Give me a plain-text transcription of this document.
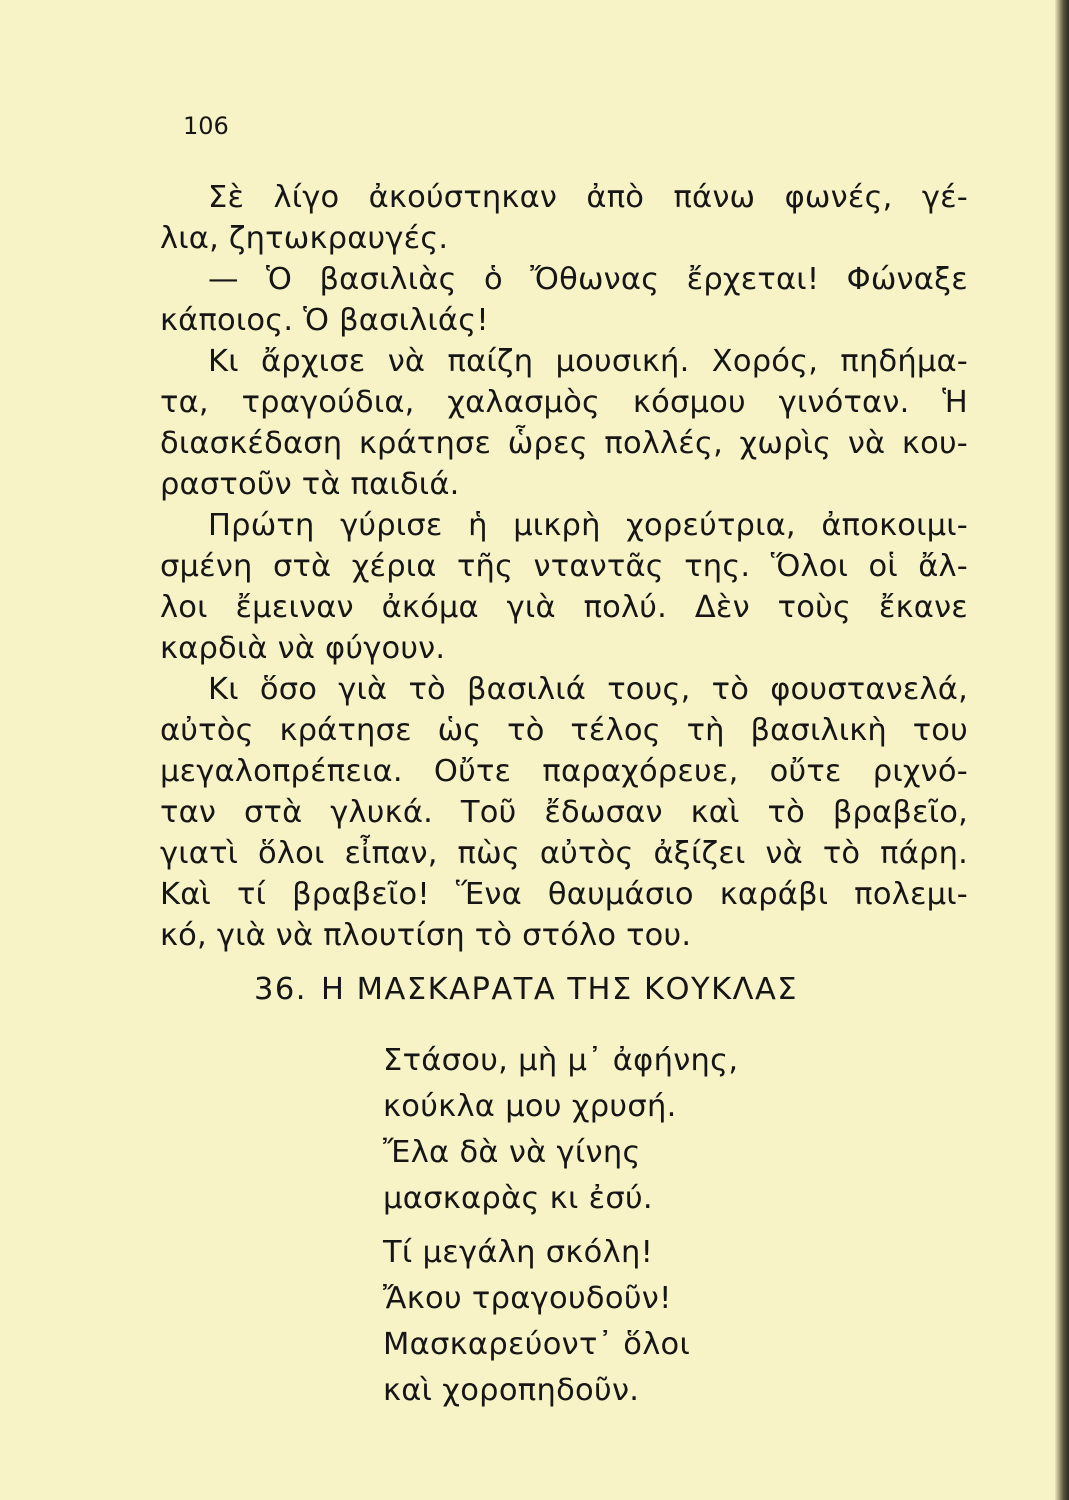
106
Σὲ λίγο ἀκούστηκαν ἀπὸ πάνω φωνές, γέ-
λια, ζητωκραυγές.
— Ὁ βασιλιὰς ὁ Ὄθωνας ἔρχεται! Φώναξε
κάποιος. Ὁ βασιλιάς!
Κι ἄρχισε νὰ παίζη μουσική. Χορός, πηδήμα-
τα, τραγούδια, χαλασμὸς κόσμου γινόταν. Ἡ
διασκέδαση κράτησε ὧρες πολλές, χωρὶς νὰ κου-
ραστοῦν τὰ παιδιά.
Πρώτη γύρισε ἡ μικρὴ χορεύτρια, ἀποκοιμι-
σμένη στὰ χέρια τῆς νταντᾶς της. Ὅλοι οἱ ἄλ-
λοι ἔμειναν ἀκόμα γιὰ πολύ. Δὲν τοὺς ἔκανε
καρδιὰ νὰ φύγουν.
Κι ὅσο γιὰ τὸ βασιλιά τους, τὸ φουστανελά,
αὐτὸς κράτησε ὡς τὸ τέλος τὴ βασιλικὴ του
μεγαλοπρέπεια. Οὔτε παραχόρευε, οὔτε ριχνό-
ταν στὰ γλυκά. Τοῦ ἔδωσαν καὶ τὸ βραβεῖο,
γιατὶ ὅλοι εἶπαν, πὼς αὐτὸς ἀξίζει νὰ τὸ πάρη.
Καὶ τί βραβεῖο! Ἕνα θαυμάσιο καράβι πολεμι-
κό, γιὰ νὰ πλουτίση τὸ στόλο του.
36. Η ΜΑΣΚΑΡΑΤΑ ΤΗΣ ΚΟΥΚΛΑΣ
Στάσου, μὴ μ᾽ ἀφήνης,
κούκλα μου χρυσή.
Ἔλα δὰ νὰ γίνης
μασκαρὰς κι ἐσύ.
Τί μεγάλη σκόλη!
Ἄκου τραγουδοῦν!
Μασκαρεύοντ᾽ ὅλοι
καὶ χοροπηδοῦν.
